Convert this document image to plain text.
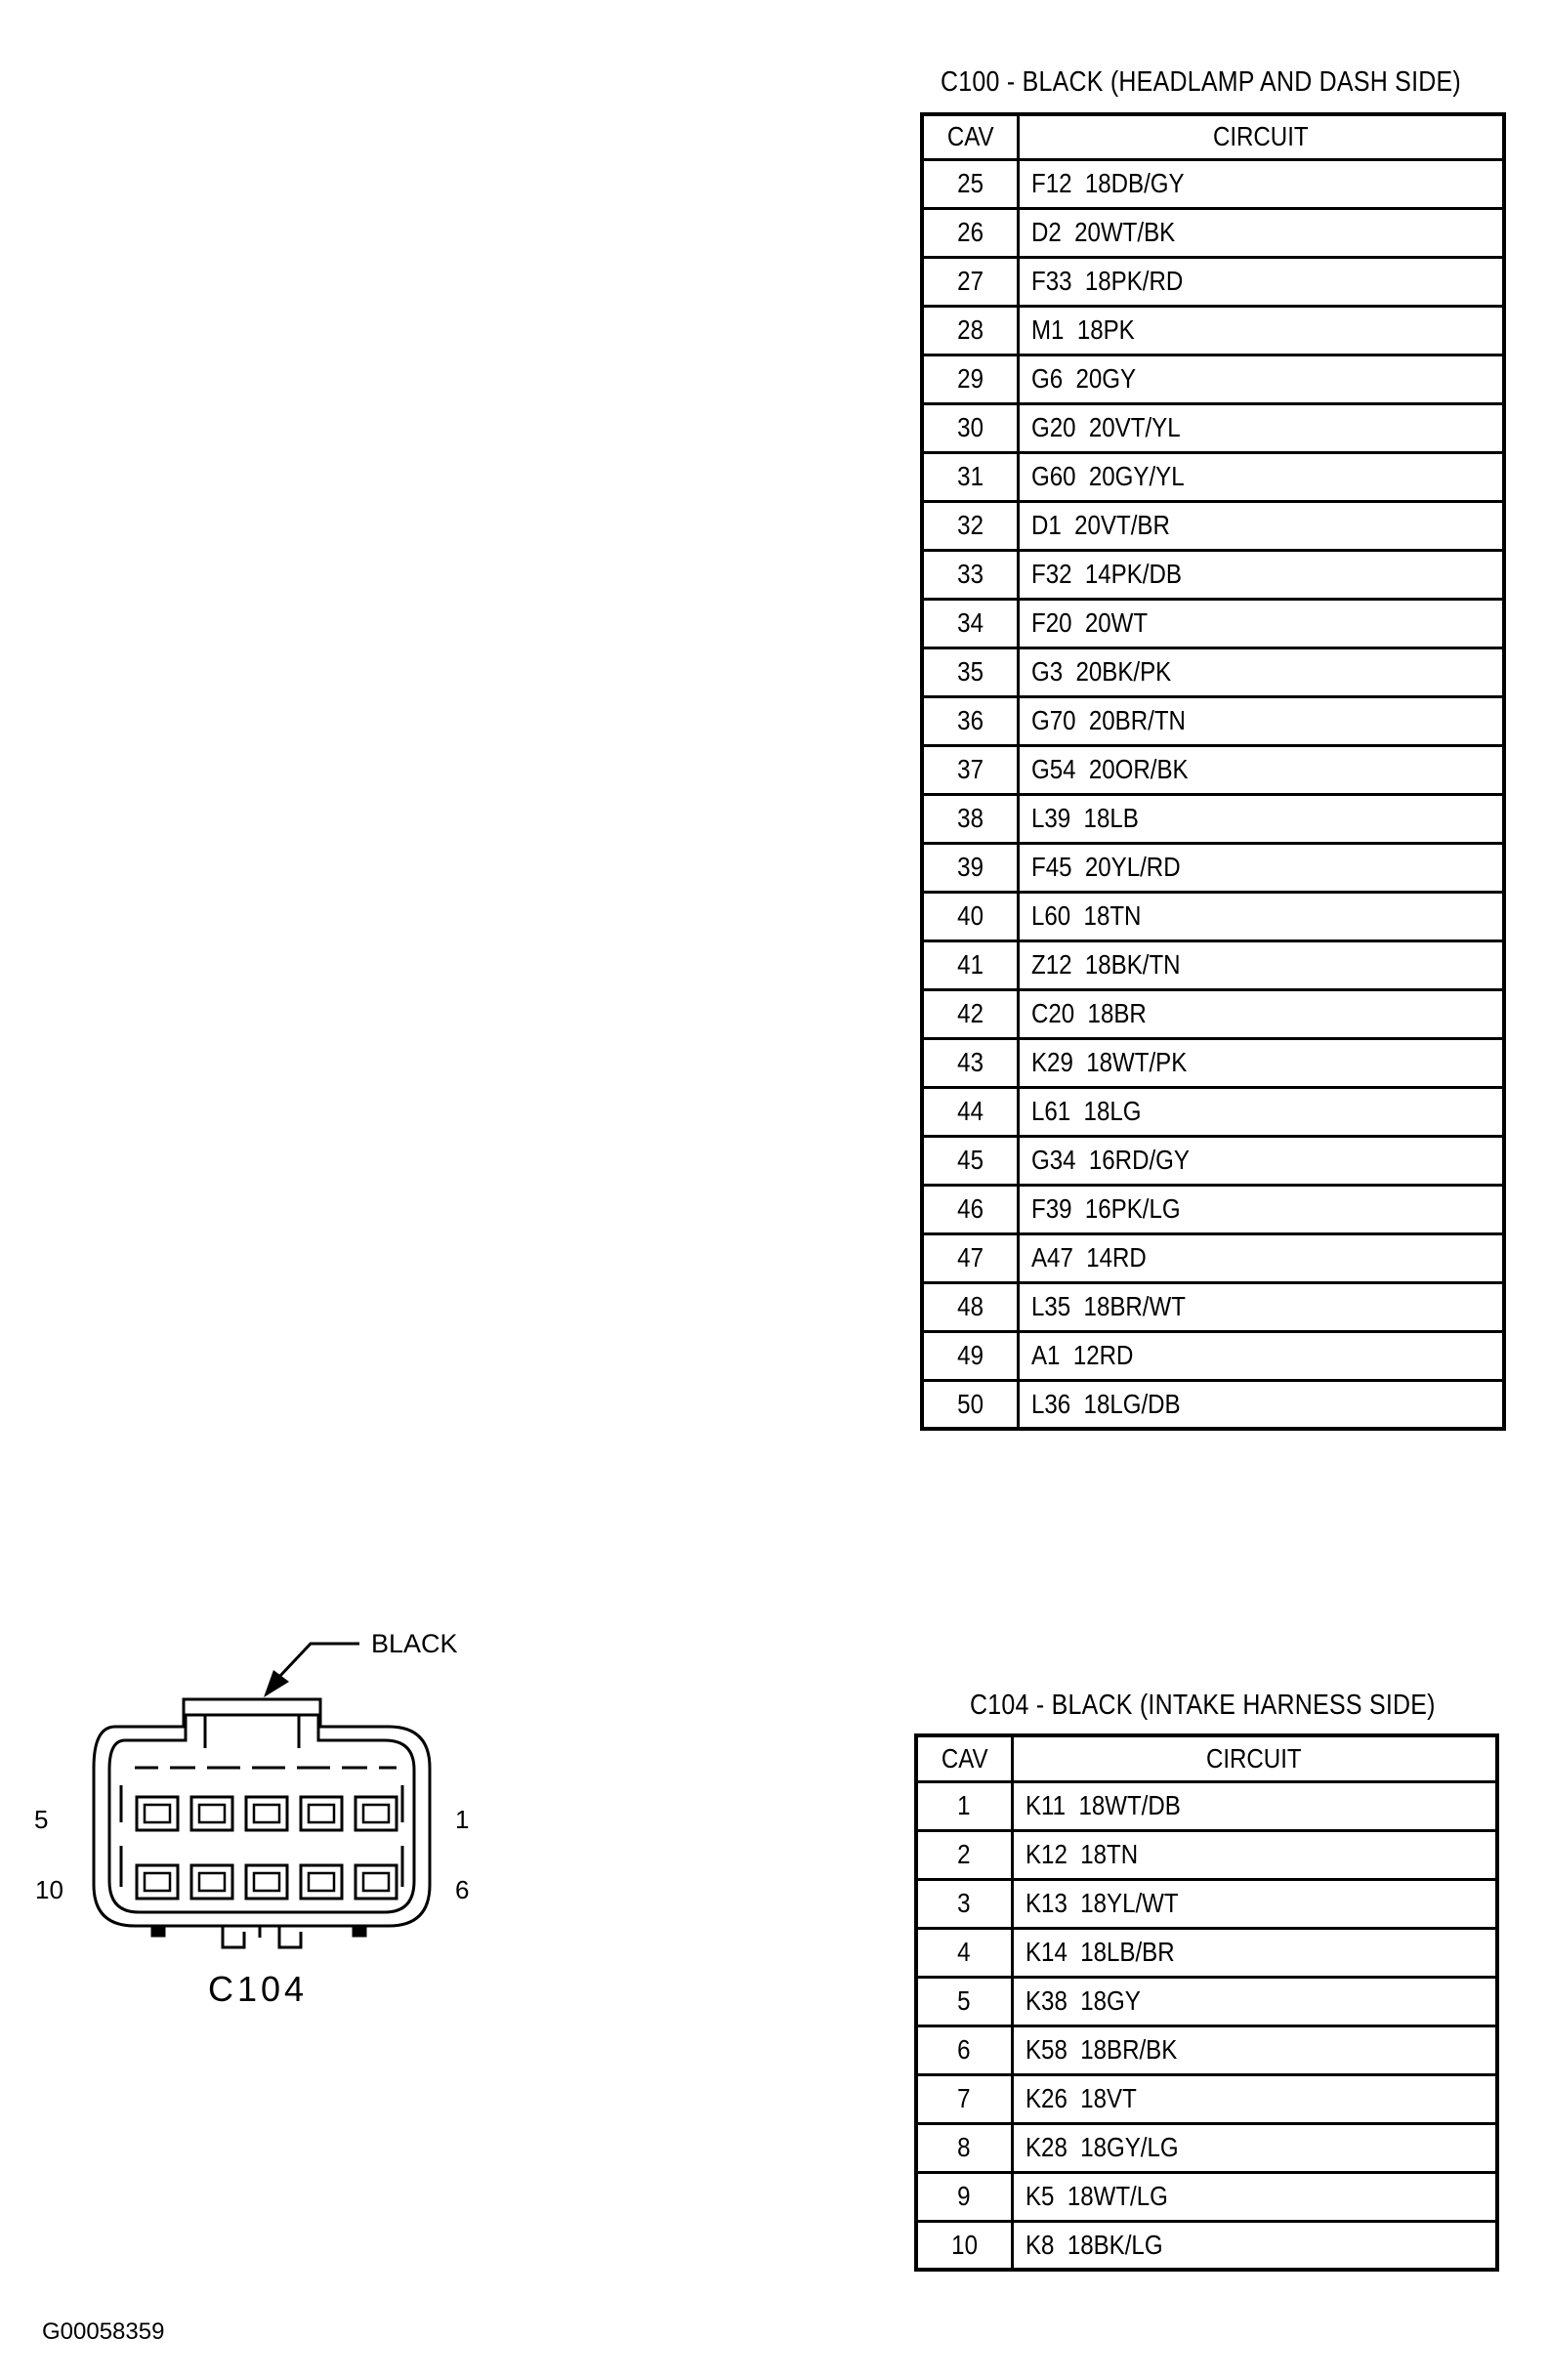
C100 - BLACK (HEADLAMP AND DASH SIDE)
CAV	CIRCUIT
25	F12  18DB/GY
26	D2  20WT/BK
27	F33  18PK/RD
28	M1  18PK
29	G6  20GY
30	G20  20VT/YL
31	G60  20GY/YL
32	D1  20VT/BR
33	F32  14PK/DB
34	F20  20WT
35	G3  20BK/PK
36	G70  20BR/TN
37	G54  20OR/BK
38	L39  18LB
39	F45  20YL/RD
40	L60  18TN
41	Z12  18BK/TN
42	C20  18BR
43	K29  18WT/PK
44	L61  18LG
45	G34  16RD/GY
46	F39  16PK/LG
47	A47  14RD
48	L35  18BR/WT
49	A1  12RD
50	L36  18LG/DB
C104 - BLACK (INTAKE HARNESS SIDE)
CAV	CIRCUIT
1	K11  18WT/DB
2	K12  18TN
3	K13  18YL/WT
4	K14  18LB/BR
5	K38  18GY
6	K58  18BR/BK
7	K26  18VT
8	K28  18GY/LG
9	K5  18WT/LG
10	K8  18BK/LG
BLACK
5	1
10	6
C104
G00058359
